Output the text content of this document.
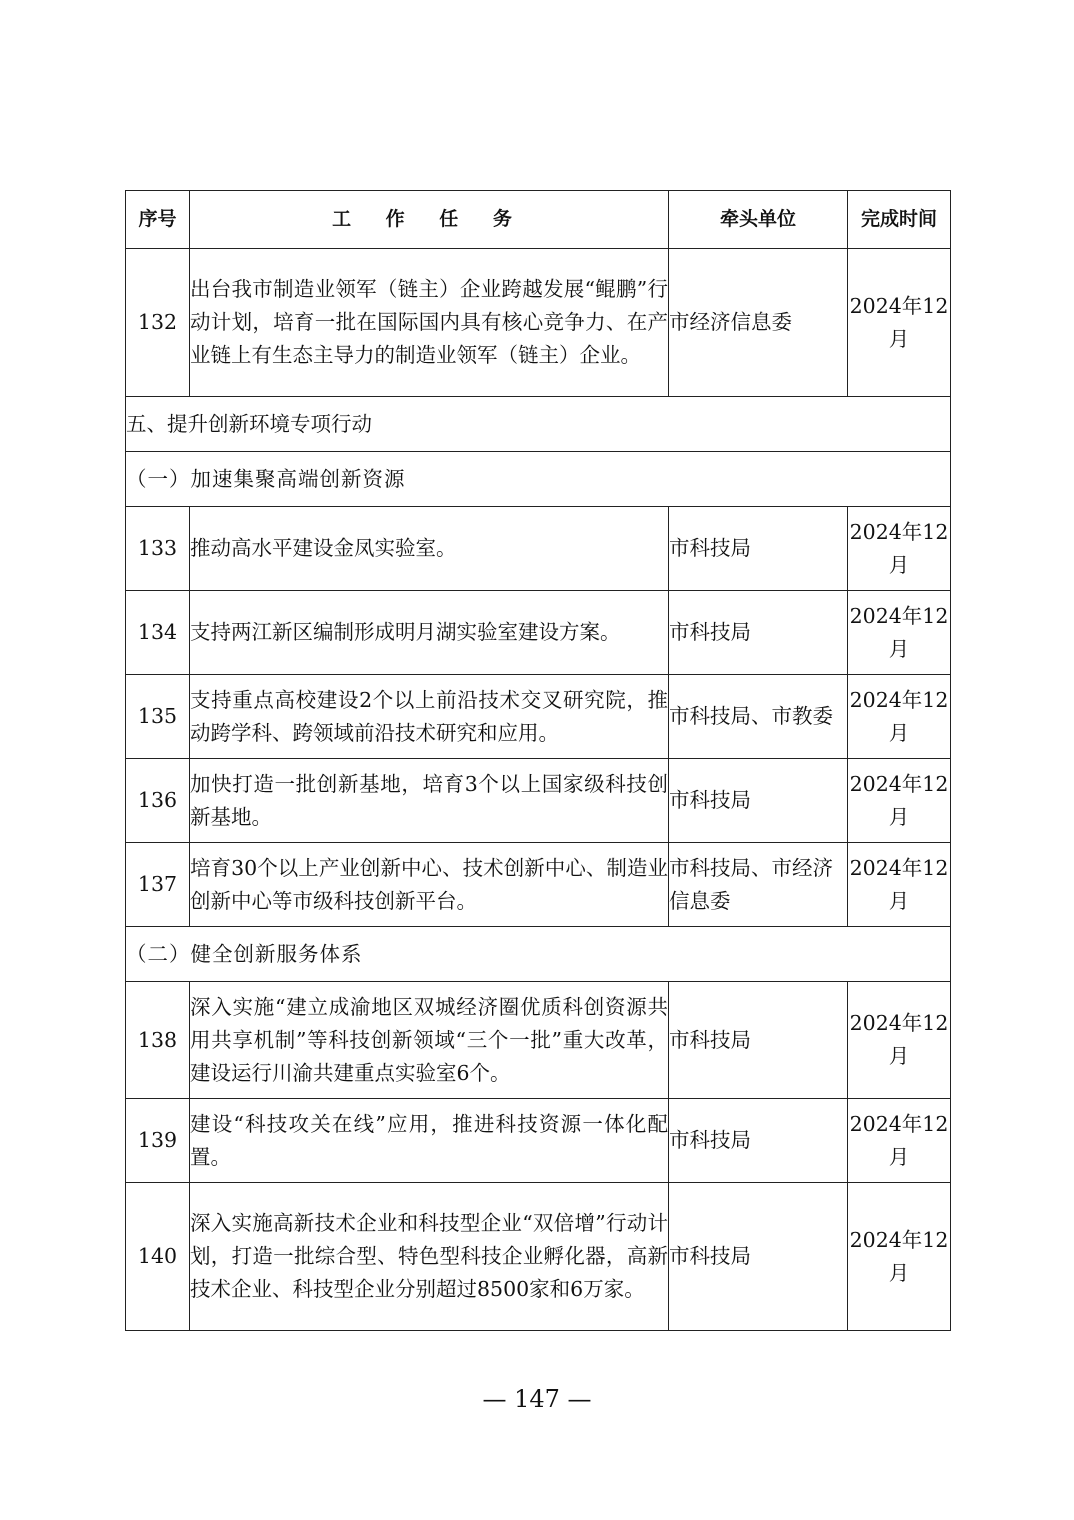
序号	工 作 任 务	牵头单位	完成时间
132	出台我市制造业领军（链主）企业跨越发展“鲲鹏”行动计划，培育一批在国际国内具有核心竞争力、在产业链上有生态主导力的制造业领军（链主）企业。	市经济信息委	2024年12月
五、提升创新环境专项行动			
（一）加速集聚高端创新资源			
133	推动高水平建设金凤实验室。	市科技局	2024年12月
134	支持两江新区编制形成明月湖实验室建设方案。	市科技局	2024年12月
135	支持重点高校建设2个以上前沿技术交叉研究院，推动跨学科、跨领域前沿技术研究和应用。	市科技局、市教委	2024年12月
136	加快打造一批创新基地，培育3个以上国家级科技创新基地。	市科技局	2024年12月
137	培育30个以上产业创新中心、技术创新中心、制造业创新中心等市级科技创新平台。	市科技局、市经济信息委	2024年12月
（二）健全创新服务体系			
138	深入实施“建立成渝地区双城经济圈优质科创资源共用共享机制”等科技创新领域“三个一批”重大改革，建设运行川渝共建重点实验室6个。	市科技局	2024年12月
139	建设“科技攻关在线”应用，推进科技资源一体化配置。	市科技局	2024年12月
140	深入实施高新技术企业和科技型企业“双倍增”行动计划，打造一批综合型、特色型科技企业孵化器，高新技术企业、科技型企业分别超过8500家和6万家。	市科技局	2024年12月
— 147 —
